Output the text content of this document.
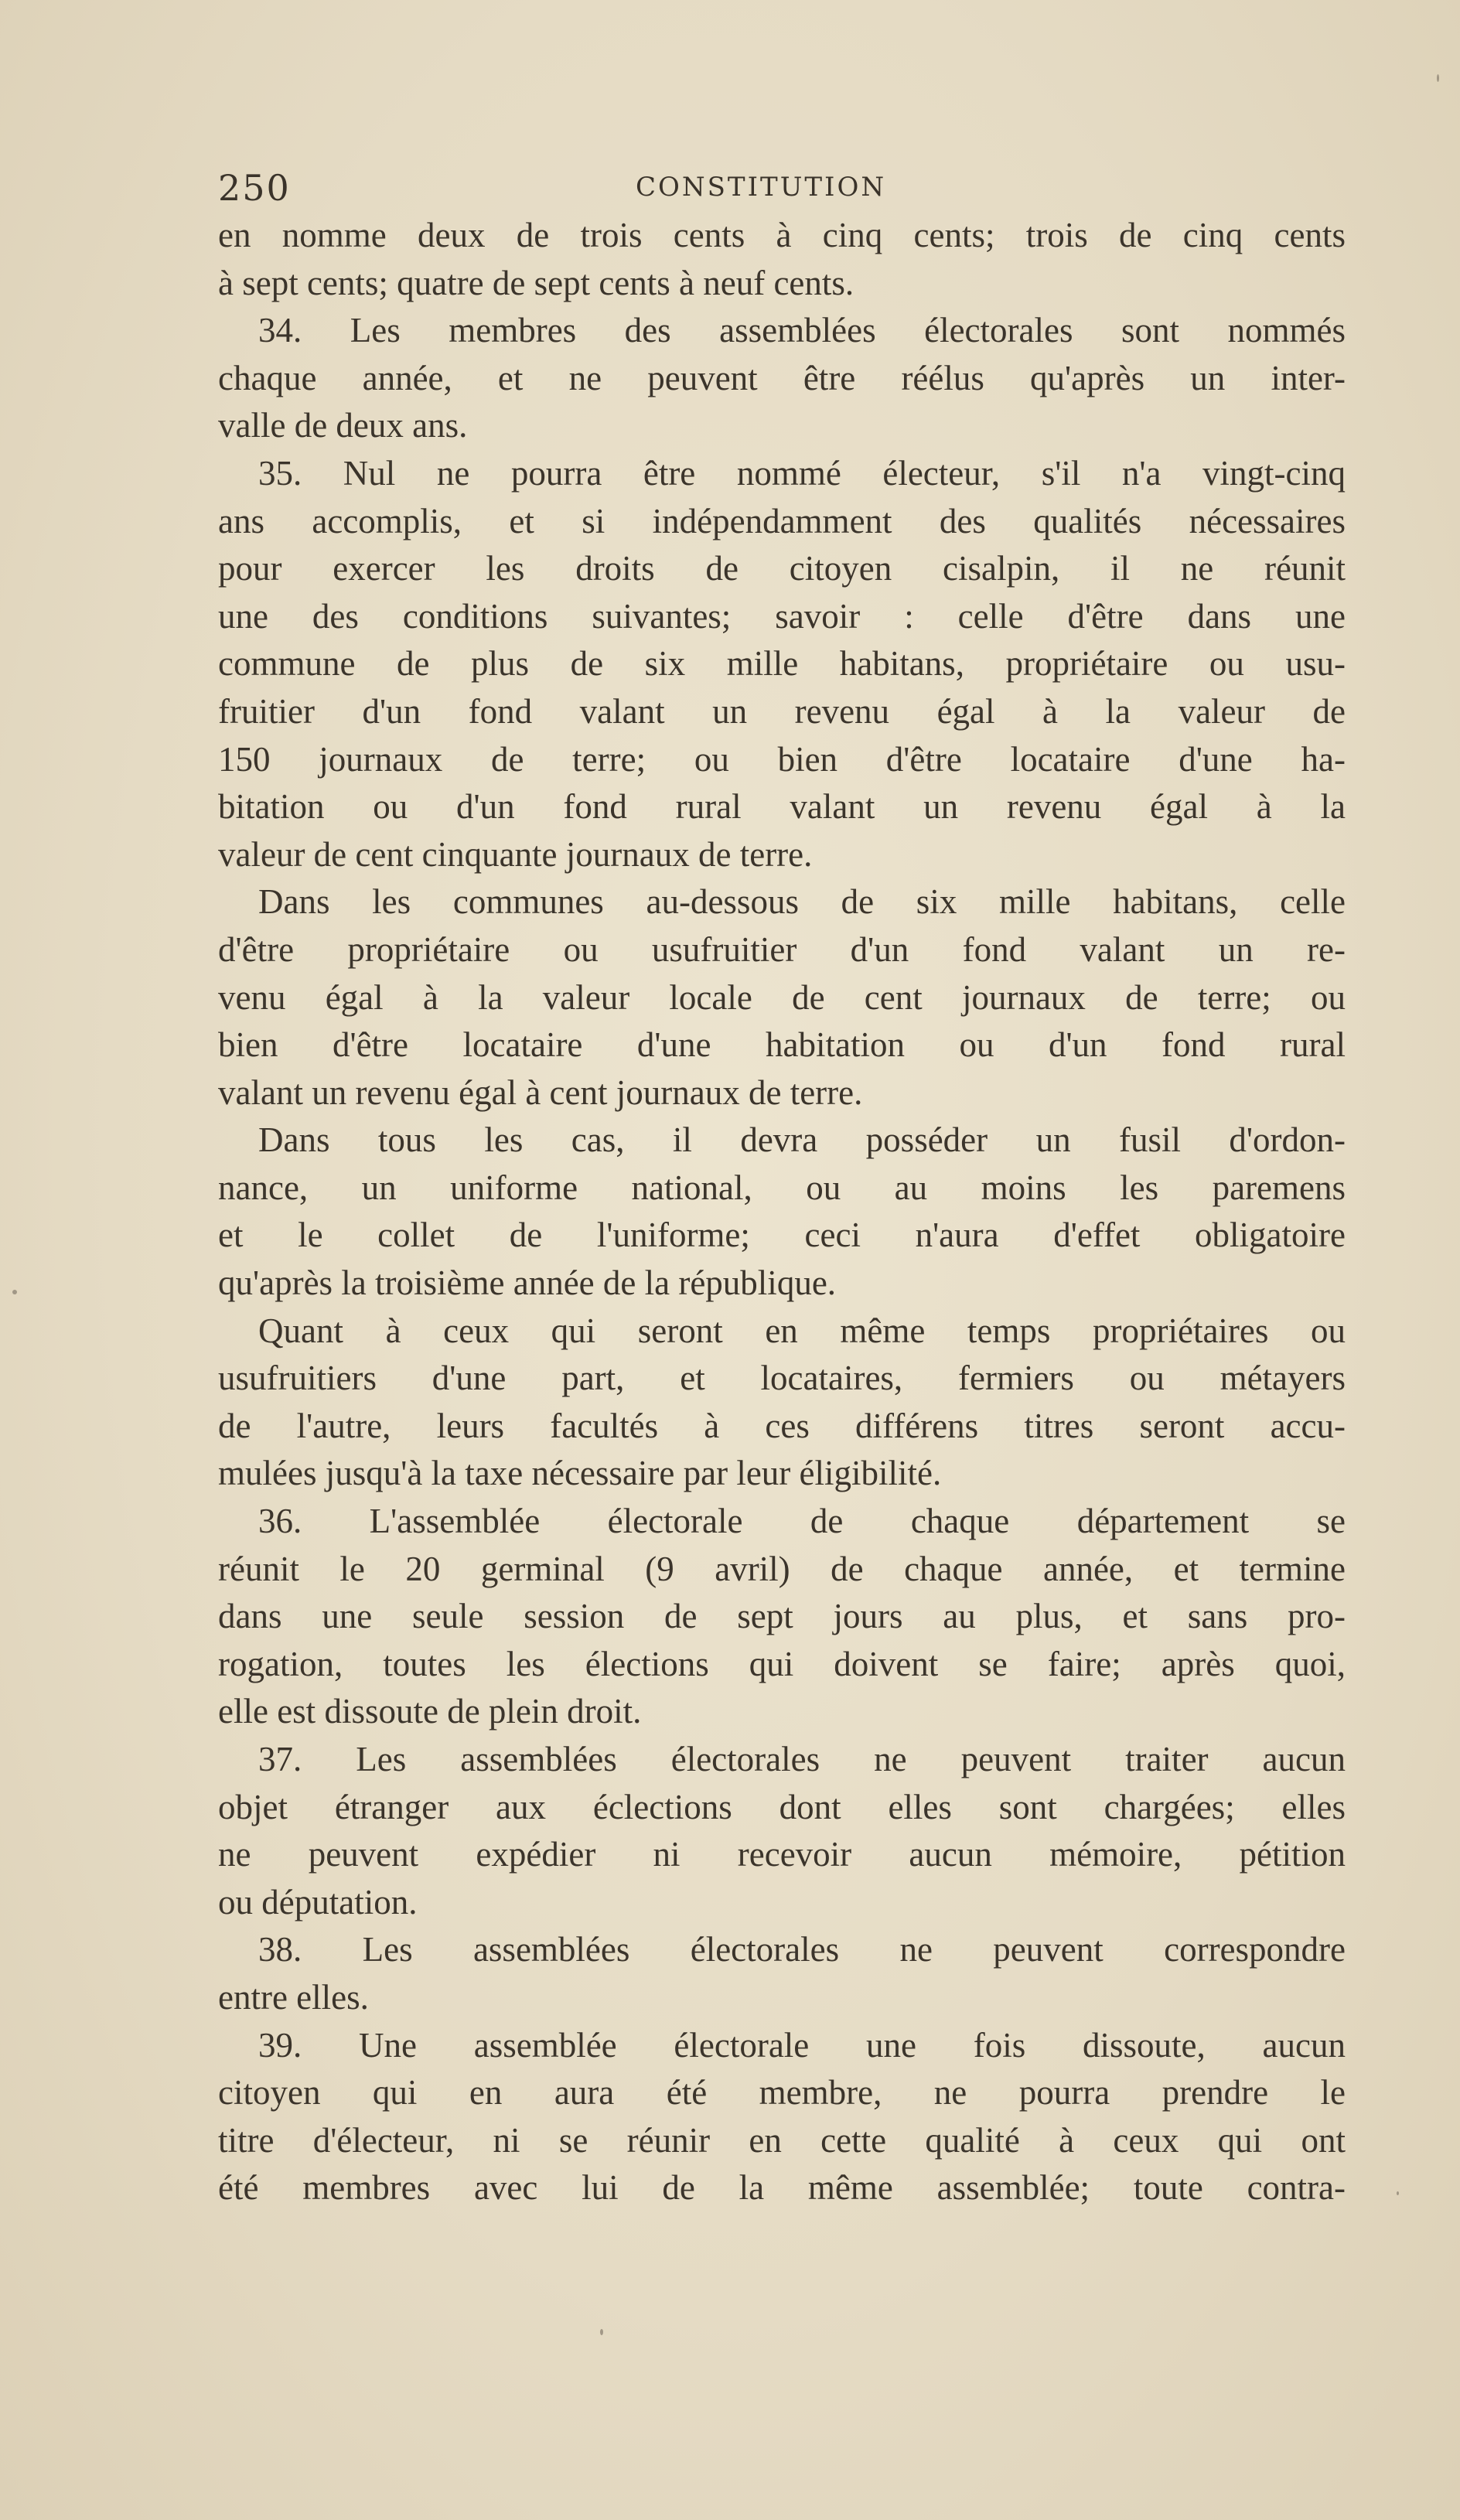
250	CONSTITUTION
en nomme deux de trois cents à cinq cents; trois de cinq cents
à sept cents; quatre de sept cents à neuf cents.
34. Les membres des assemblées électorales sont nommés
chaque année, et ne peuvent être réélus qu'après un inter-
valle de deux ans.
35. Nul ne pourra être nommé électeur, s'il n'a vingt-cinq
ans accomplis, et si indépendamment des qualités nécessaires
pour exercer les droits de citoyen cisalpin, il ne réunit
une des conditions suivantes; savoir : celle d'être dans une
commune de plus de six mille habitans, propriétaire ou usu-
fruitier d'un fond valant un revenu égal à la valeur de
150 journaux de terre; ou bien d'être locataire d'une ha-
bitation ou d'un fond rural valant un revenu égal à la
valeur de cent cinquante journaux de terre.
Dans les communes au-dessous de six mille habitans, celle
d'être propriétaire ou usufruitier d'un fond valant un re-
venu égal à la valeur locale de cent journaux de terre; ou
bien d'être locataire d'une habitation ou d'un fond rural
valant un revenu égal à cent journaux de terre.
Dans tous les cas, il devra posséder un fusil d'ordon-
nance, un uniforme national, ou au moins les paremens
et le collet de l'uniforme; ceci n'aura d'effet obligatoire
qu'après la troisième année de la république.
Quant à ceux qui seront en même temps propriétaires ou
usufruitiers d'une part, et locataires, fermiers ou métayers
de l'autre, leurs facultés à ces différens titres seront accu-
mulées jusqu'à la taxe nécessaire par leur éligibilité.
36. L'assemblée électorale de chaque département se
réunit le 20 germinal (9 avril) de chaque année, et termine
dans une seule session de sept jours au plus, et sans pro-
rogation, toutes les élections qui doivent se faire; après quoi,
elle est dissoute de plein droit.
37. Les assemblées électorales ne peuvent traiter aucun
objet étranger aux éclections dont elles sont chargées; elles
ne peuvent expédier ni recevoir aucun mémoire, pétition
ou députation.
38. Les assemblées électorales ne peuvent correspondre
entre elles.
39. Une assemblée électorale une fois dissoute, aucun
citoyen qui en aura été membre, ne pourra prendre le
titre d'électeur, ni se réunir en cette qualité à ceux qui ont
été membres avec lui de la même assemblée; toute contra-
